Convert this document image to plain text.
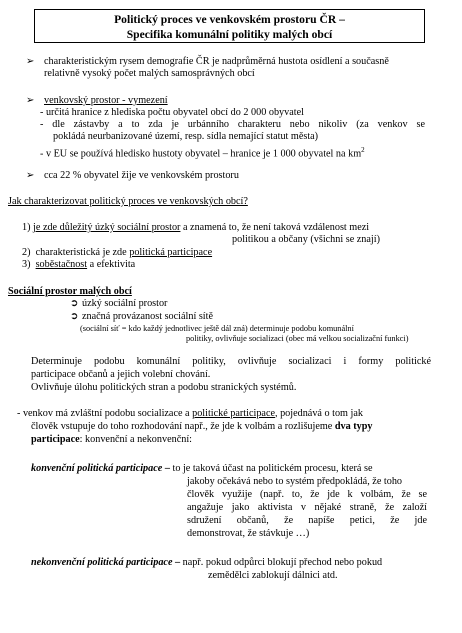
Politický proces ve venkovském prostoru ČR –
Specifika komunální politiky malých obcí
➢ charakteristickým rysem demografie ČR je nadprůměrná hustota osídlení a současně
relativně vysoký počet malých samosprávných obcí
➢ venkovský prostor - vymezení
- určitá hranice z hlediska počtu obyvatel obcí do 2 000 obyvatel
- dle zástavby a to zda je urbánního charakteru nebo nikoliv (za venkov se
pokládá neurbanizované území, resp. sídla nemající statut města)
- v EU se používá hledisko hustoty obyvatel – hranice je 1 000 obyvatel na $km^2$
➢ cca 22 % obyvatel žije ve venkovském prostoru
Jak charakterizovat politický proces ve venkovských obcí?
1) je zde důležitý úzký sociální prostor a znamená to, že není taková vzdálenost mezi
politikou a občany (všichni se znají)
2) charakteristická je zde politická participace
3) soběstačnost a efektivita
Sociální prostor malých obcí
➲ úzký sociální prostor
➲ značná provázanost sociální sítě
(sociální síť = kdo každý jednotlivec ještě dál zná) determinuje podobu komunální
politiky, ovlivňuje socializaci (obec má velkou socializační funkci)
Determinuje podobu komunální politiky, ovlivňuje socializaci i formy politické
participace občanů a jejich volební chování.
Ovlivňuje úlohu politických stran a podobu stranických systémů.
- venkov má zvláštní podobu socializace a politické participace, pojednává o tom jak
člověk vstupuje do toho rozhodování např., že jde k volbám a rozlišujeme dva typy
participace: konvenční a nekonvenční:
konvenční politická participace – to je taková účast na politickém procesu, která se
jakoby očekává nebo to systém předpokládá, že toho
člověk využije (např. to, že jde k volbám, že se
angažuje jako aktivista v nějaké straně, že založí
sdružení občanů, že napíše petici, že jde
demonstrovat, že stávkuje …)
nekonvenční politická participace – např. pokud odpůrci blokují přechod nebo pokud
zemědělci zablokují dálnici atd.
